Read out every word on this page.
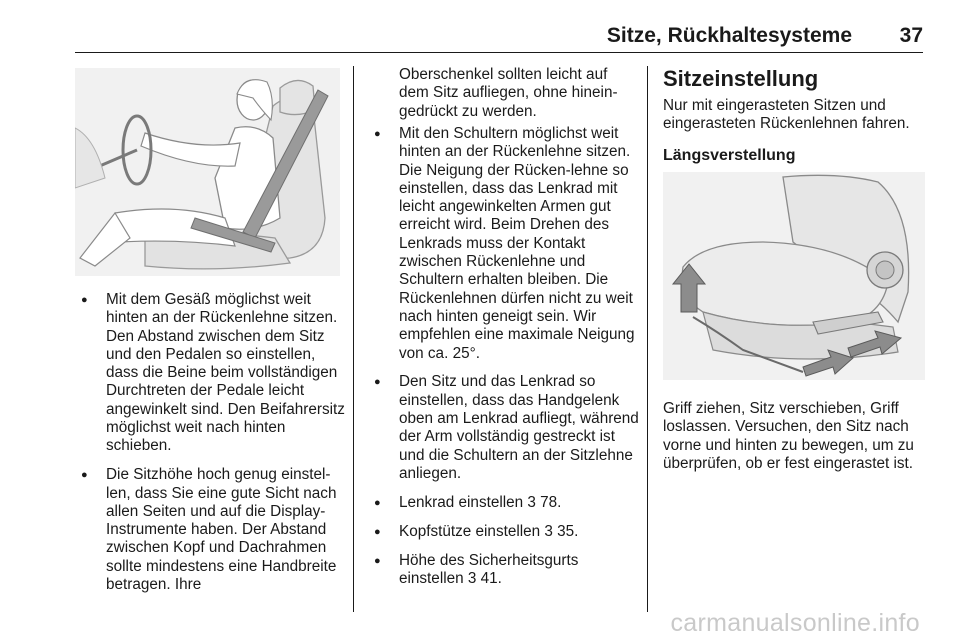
Sitze, Rückhaltesysteme 37
● Mit dem Gesäß möglichst weit hinten an der Rückenlehne sitzen. Den Abstand zwischen dem Sitz und den Pedalen so einstellen, dass die Beine beim vollständigen Durchtreten der Pedale leicht angewinkelt sind. Den Beifahrersitz möglichst weit nach hinten schieben.
● Die Sitzhöhe hoch genug einstel-len, dass Sie eine gute Sicht nach allen Seiten und auf die Display-Instrumente haben. Der Abstand zwischen Kopf und Dachrahmen sollte mindestens eine Handbreite betragen. Ihre

Oberschenkel sollten leicht auf dem Sitz aufliegen, ohne hinein-gedrückt zu werden.

● Mit den Schultern möglichst weit hinten an der Rückenlehne sitzen. Die Neigung der Rücken-lehne so einstellen, dass das Lenkrad mit leicht angewinkelten Armen gut erreicht wird. Beim Drehen des Lenkrads muss der Kontakt zwischen Rückenlehne und Schultern erhalten bleiben. Die Rückenlehnen dürfen nicht zu weit nach hinten geneigt sein. Wir empfehlen eine maximale Neigung von ca. 25°.
● Den Sitz und das Lenkrad so einstellen, dass das Handgelenk oben am Lenkrad aufliegt, während der Arm vollständig gestreckt ist und die Schultern an der Sitzlehne anliegen.
● Lenkrad einstellen 3 78.
● Kopfstütze einstellen 3 35.
● Höhe des Sicherheitsgurts einstellen 3 41.
Sitzeinstellung

Nur mit eingerasteten Sitzen und eingerasteten Rückenlehnen fahren.

Längsverstellung

Griff ziehen, Sitz verschieben, Griff loslassen. Versuchen, den Sitz nach vorne und hinten zu bewegen, um zu überprüfen, ob er fest eingerastet ist.

carmanualsonline.info
